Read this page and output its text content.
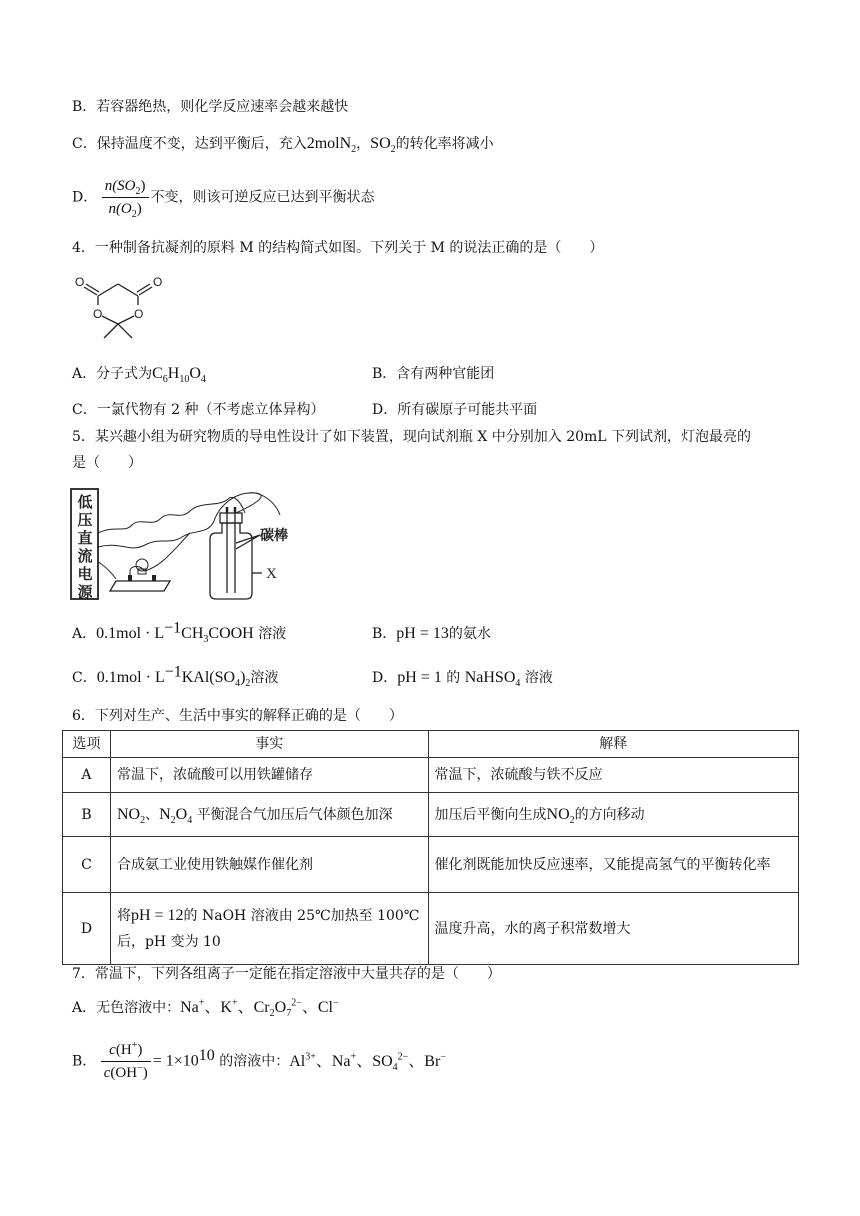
B．若容器绝热，则化学反应速率会越来越快
C．保持温度不变，达到平衡后，充入2molN$_2$，$SO_2$的转化率将减小
D． $\frac{n(SO_2)}{n(O_2)}$ 不变，则该可逆反应已达到平衡状态
4．一种制备抗凝剂的原料 M 的结构简式如图。下列关于 M 的说法正确的是（　　）
O	O
O	O
A．分子式为$C_6H_{10}O_4$	B．含有两种官能团
C．一氯代物有 2 种（不考虑立体异构）	D．所有碳原子可能共平面
5．某兴趣小组为研究物质的导电性设计了如下装置，现向试剂瓶 X 中分别加入 20mL 下列试剂，灯泡最亮的
是（　　）
低
压
直
流
电
源
碳棒
X
A．$0.1mol \cdot L^{-1}CH_3COOH$ 溶液	B．pH = 13的氨水
C．$0.1mol \cdot L^{-1}KAl(SO_4)_2$溶液	D．pH = 1 的 NaHSO$_4$ 溶液
6．下列对生产、生活中事实的解释正确的是（　　）
选项	事实	解释
A	常温下，浓硫酸可以用铁罐储存	常温下，浓硫酸与铁不反应
B	$NO_2$、$N_2O_4$ 平衡混合气加压后气体颜色加深	加压后平衡向生成$NO_2$的方向移动
C	合成氨工业使用铁触媒作催化剂	催化剂既能加快反应速率，又能提高氢气的平衡转化率
D	将pH = 12的 NaOH 溶液由 25℃加热至 100℃
后，pH 变为 10	温度升高，水的离子积常数增大
7．常温下，下列各组离子一定能在指定溶液中大量共存的是（　　）
A．无色溶液中：Na+、K+、$Cr_2O_7^{2-}$、Cl−
B． $\frac{c(H^+)}{c(OH^-)} = 1\times 10^{10}$ 的溶液中：$Al^{3+}$、Na+、$SO_4^{2-}$、Br−
